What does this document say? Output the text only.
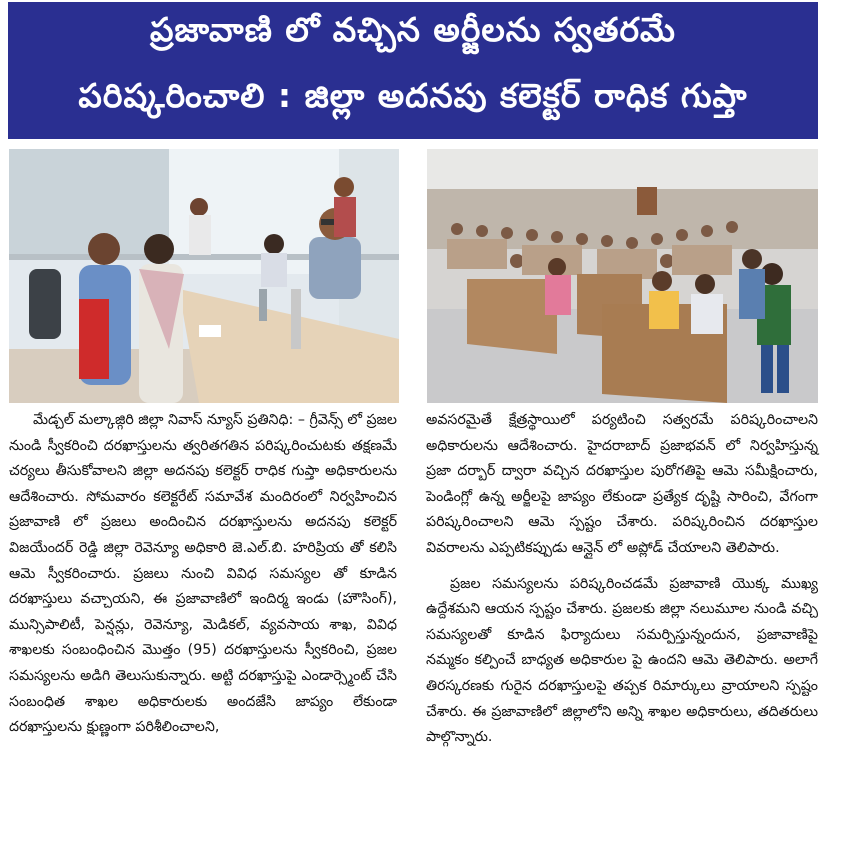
ప్రజావాణి లో వచ్చిన అర్జీలను స్వతరమే
పరిష్కరించాలి : జిల్లా అదనపు కలెక్టర్ రాధిక గుప్తా

మేడ్చల్ మల్కాజ్గిరి జిల్లా నివాస్ న్యూస్ ప్రతినిధి: – గ్రీవెన్స్ లో ప్రజల నుండి స్వీకరించి దరఖాస్తులను త్వరితగతిన పరిష్కరించుటకు తక్షణమే చర్యలు తీసుకోవాలని జిల్లా అదనపు కలెక్టర్ రాధిక గుప్తా అధికారులను ఆదేశించారు. సోమవారం కలెక్టరేట్ సమావేశ మందిరంలో నిర్వహించిన ప్రజావాణి లో ప్రజలు అందించిన దరఖాస్తులను అదనపు కలెక్టర్ విజయేందర్ రెడ్డి జిల్లా రెవెన్యూ అధికారి జె.ఎల్.బి. హరిప్రియ తో కలిసి ఆమె స్వీకరించారు. ప్రజలు నుంచి వివిధ సమస్యల తో కూడిన దరఖాస్తులు వచ్చాయని, ఈ ప్రజావాణిలో ఇందిర్మ ఇండు (హౌసింగ్), మున్సిపాలిటీ, పెన్షన్లు, రెవెన్యూ, మెడికల్, వ్యవసాయ శాఖ, వివిధ శాఖలకు సంబంధించిన మొత్తం (95) దరఖాస్తులను స్వీకరించి, ప్రజల సమస్యలను అడిగి తెలుసుకున్నారు. అట్టి దరఖాస్తుపై ఎండార్స్మెంట్ చేసి సంబంధిత శాఖల అధికారులకు అందజేసి జాప్యం లేకుండా దరఖాస్తులను క్షుణ్ణంగా పరిశీలించాలని,

అవసరమైతే క్షేత్రస్థాయిలో పర్యటించి సత్వరమే పరిష్కరించాలని అధికారులను ఆదేశించారు. హైదరాబాద్ ప్రజాభవన్ లో నిర్వహిస్తున్న ప్రజా దర్బార్ ద్వారా వచ్చిన దరఖాస్తుల పురోగతిపై ఆమె సమీక్షించారు, పెండింగ్లో ఉన్న అర్జీలపై జాప్యం లేకుండా ప్రత్యేక దృష్టి సారించి, వేగంగా పరిష్కరించాలని ఆమె స్పష్టం చేశారు. పరిష్కరించిన దరఖాస్తుల వివరాలను ఎప్పటికప్పుడు ఆన్లైన్ లో అప్లోడ్ చేయాలని తెలిపారు.

ప్రజల సమస్యలను పరిష్కరించడమే ప్రజావాణి యొక్క ముఖ్య ఉద్దేశమని ఆయన స్పష్టం చేశారు. ప్రజలకు జిల్లా నలుమూల నుండి వచ్చి సమస్యలతో కూడిన ఫిర్యాదులు సమర్పిస్తున్నందున, ప్రజావాణిపై నమ్మకం కల్పించే బాధ్యత అధికారుల పై ఉందని ఆమె తెలిపారు. అలాగే తిరస్కరణకు గురైన దరఖాస్తులపై తప్పక రిమార్కులు వ్రాయాలని స్పష్టం చేశారు. ఈ ప్రజావాణిలో జిల్లాలోని అన్ని శాఖల అధికారులు, తదితరులు పాల్గొన్నారు.
